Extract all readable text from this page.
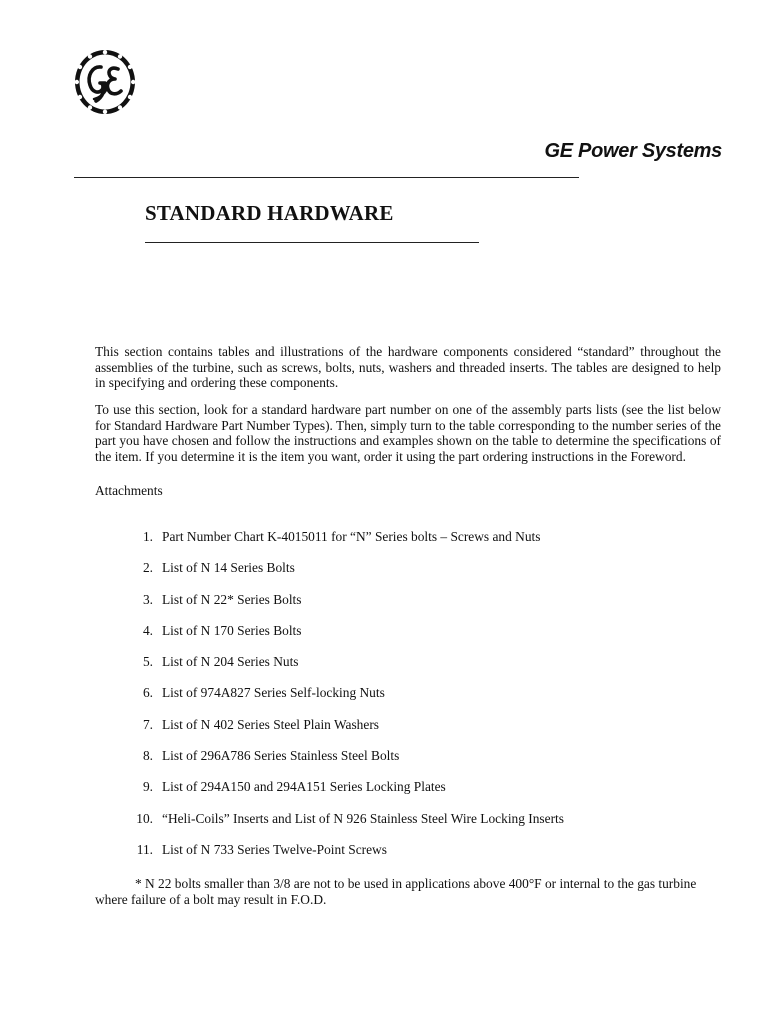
GE Power Systems
STANDARD HARDWARE

This section contains tables and illustrations of the hardware components considered “standard” throughout the assemblies of the turbine, such as screws, bolts, nuts, washers and threaded inserts. The tables are designed to help in specifying and ordering these components.

To use this section, look for a standard hardware part number on one of the assembly parts lists (see the list below for Standard Hardware Part Number Types). Then, simply turn to the table corresponding to the number series of the part you have chosen and follow the instructions and examples shown on the table to determine the specifications of the item. If you determine it is the item you want, order it using the part ordering instructions in the Foreword.

Attachments

1. Part Number Chart K-4015011 for “N” Series bolts – Screws and Nuts
2. List of N 14 Series Bolts
3. List of N 22* Series Bolts
4. List of N 170 Series Bolts
5. List of N 204 Series Nuts
6. List of 974A827 Series Self-locking Nuts
7. List of N 402 Series Steel Plain Washers
8. List of 296A786 Series Stainless Steel Bolts
9. List of 294A150 and 294A151 Series Locking Plates
10. “Heli-Coils” Inserts and List of N 926 Stainless Steel Wire Locking Inserts
11. List of N 733 Series Twelve-Point Screws

* N 22 bolts smaller than 3/8 are not to be used in applications above 400°F or internal to the gas turbine where failure of a bolt may result in F.O.D.
